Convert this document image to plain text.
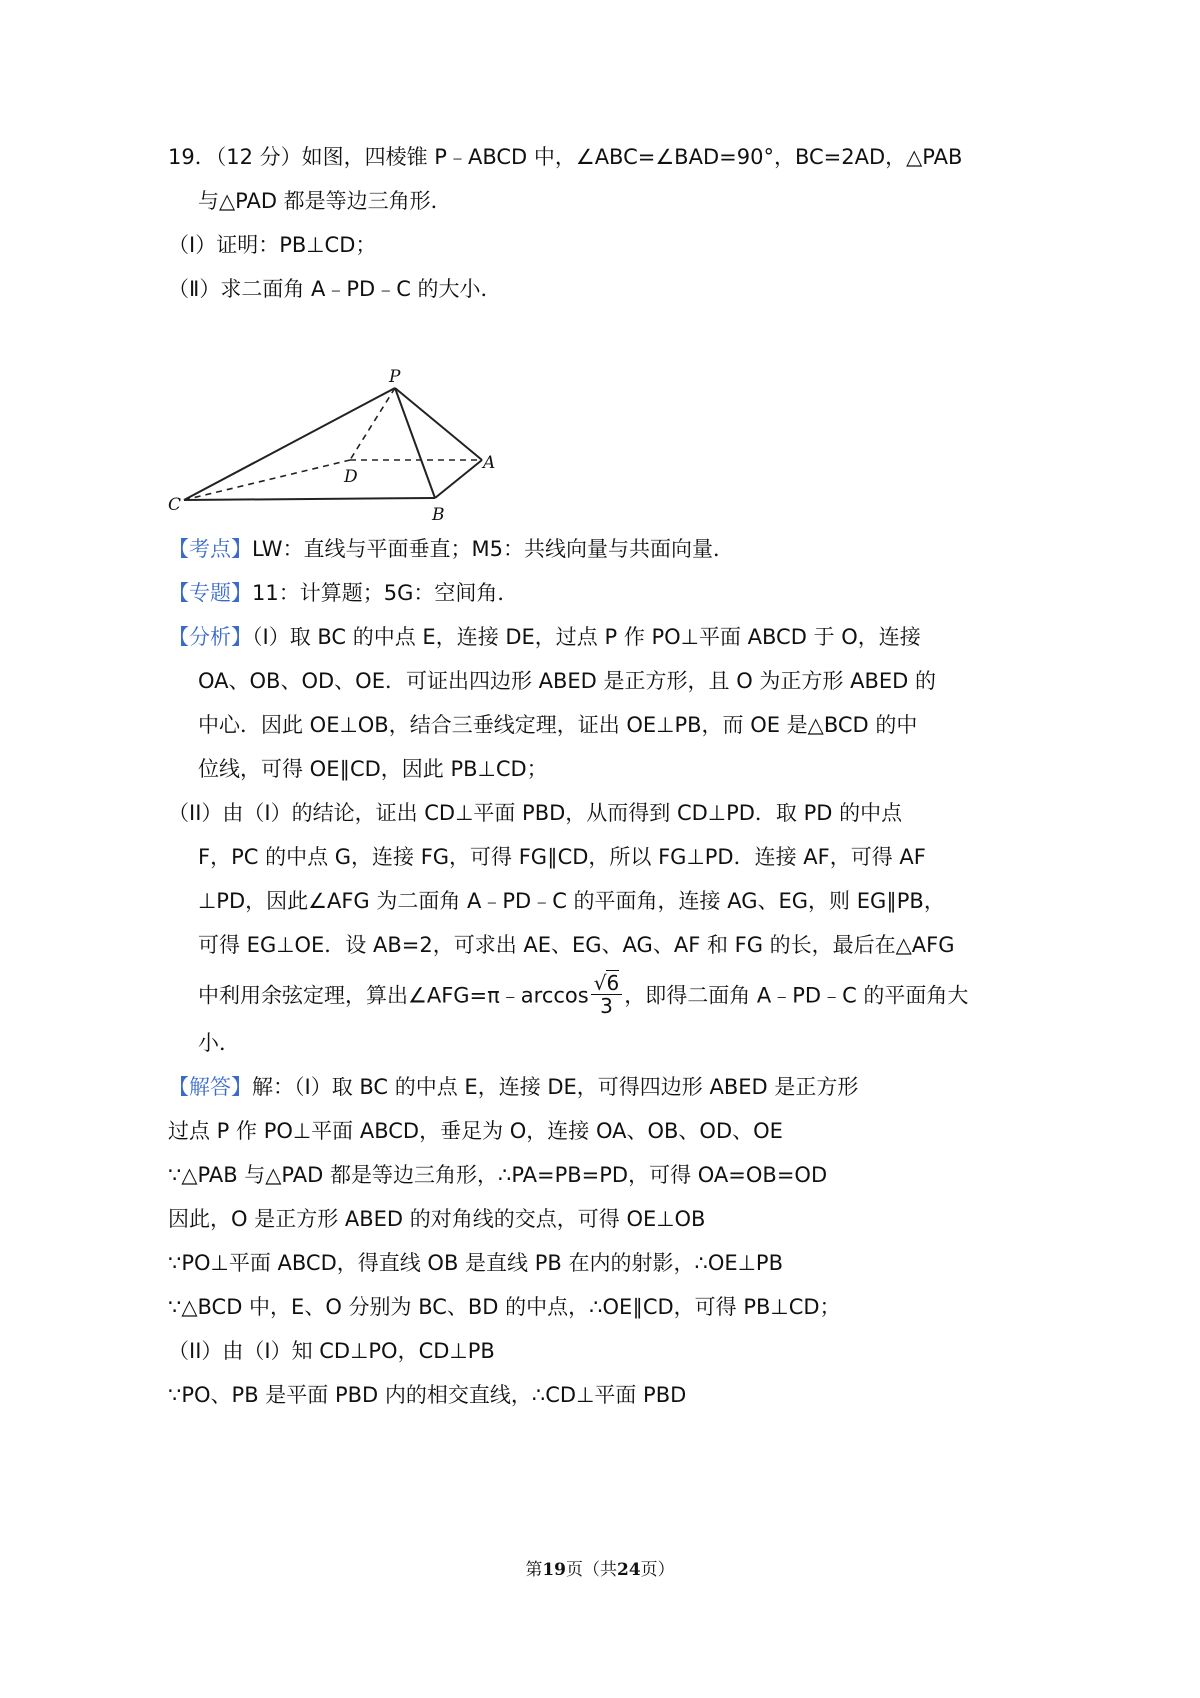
19．（12 分）如图，四棱锥 P﹣ABCD 中，∠ABC=∠BAD=90°，BC=2AD，△PAB
与△PAD 都是等边三角形．
（Ⅰ）证明：PB⊥CD；
（Ⅱ）求二面角 A﹣PD﹣C 的大小．
P
A
B
C
D
【考点】LW：直线与平面垂直；M5：共线向量与共面向量．
【专题】11：计算题；5G：空间角．
【分析】（I）取 BC 的中点 E，连接 DE，过点 P 作 PO⊥平面 ABCD 于 O，连接
OA、OB、OD、OE．可证出四边形 ABED 是正方形，且 O 为正方形 ABED 的
中心．因此 OE⊥OB，结合三垂线定理，证出 OE⊥PB，而 OE 是△BCD 的中
位线，可得 OE∥CD，因此 PB⊥CD；
（II）由（I）的结论，证出 CD⊥平面 PBD，从而得到 CD⊥PD．取 PD 的中点
F，PC 的中点 G，连接 FG，可得 FG∥CD，所以 FG⊥PD．连接 AF，可得 AF
⊥PD，因此∠AFG 为二面角 A﹣PD﹣C 的平面角，连接 AG、EG，则 EG∥PB，
可得 EG⊥OE．设 AB=2，可求出 AE、EG、AG、AF 和 FG 的长，最后在△AFG
中利用余弦定理，算出∠AFG=π﹣arccos $\frac{√6}{3}$ ，即得二面角 A﹣PD﹣C 的平面角大
小．
【解答】解：（I）取 BC 的中点 E，连接 DE，可得四边形 ABED 是正方形
过点 P 作 PO⊥平面 ABCD，垂足为 O，连接 OA、OB、OD、OE
∵△PAB 与△PAD 都是等边三角形，∴PA=PB=PD，可得 OA=OB=OD
因此，O 是正方形 ABED 的对角线的交点，可得 OE⊥OB
∵PO⊥平面 ABCD，得直线 OB 是直线 PB 在内的射影，∴OE⊥PB
∵△BCD 中，E、O 分别为 BC、BD 的中点，∴OE∥CD，可得 PB⊥CD；
（II）由（I）知 CD⊥PO，CD⊥PB
∵PO、PB 是平面 PBD 内的相交直线，∴CD⊥平面 PBD
第19页（共24页）
